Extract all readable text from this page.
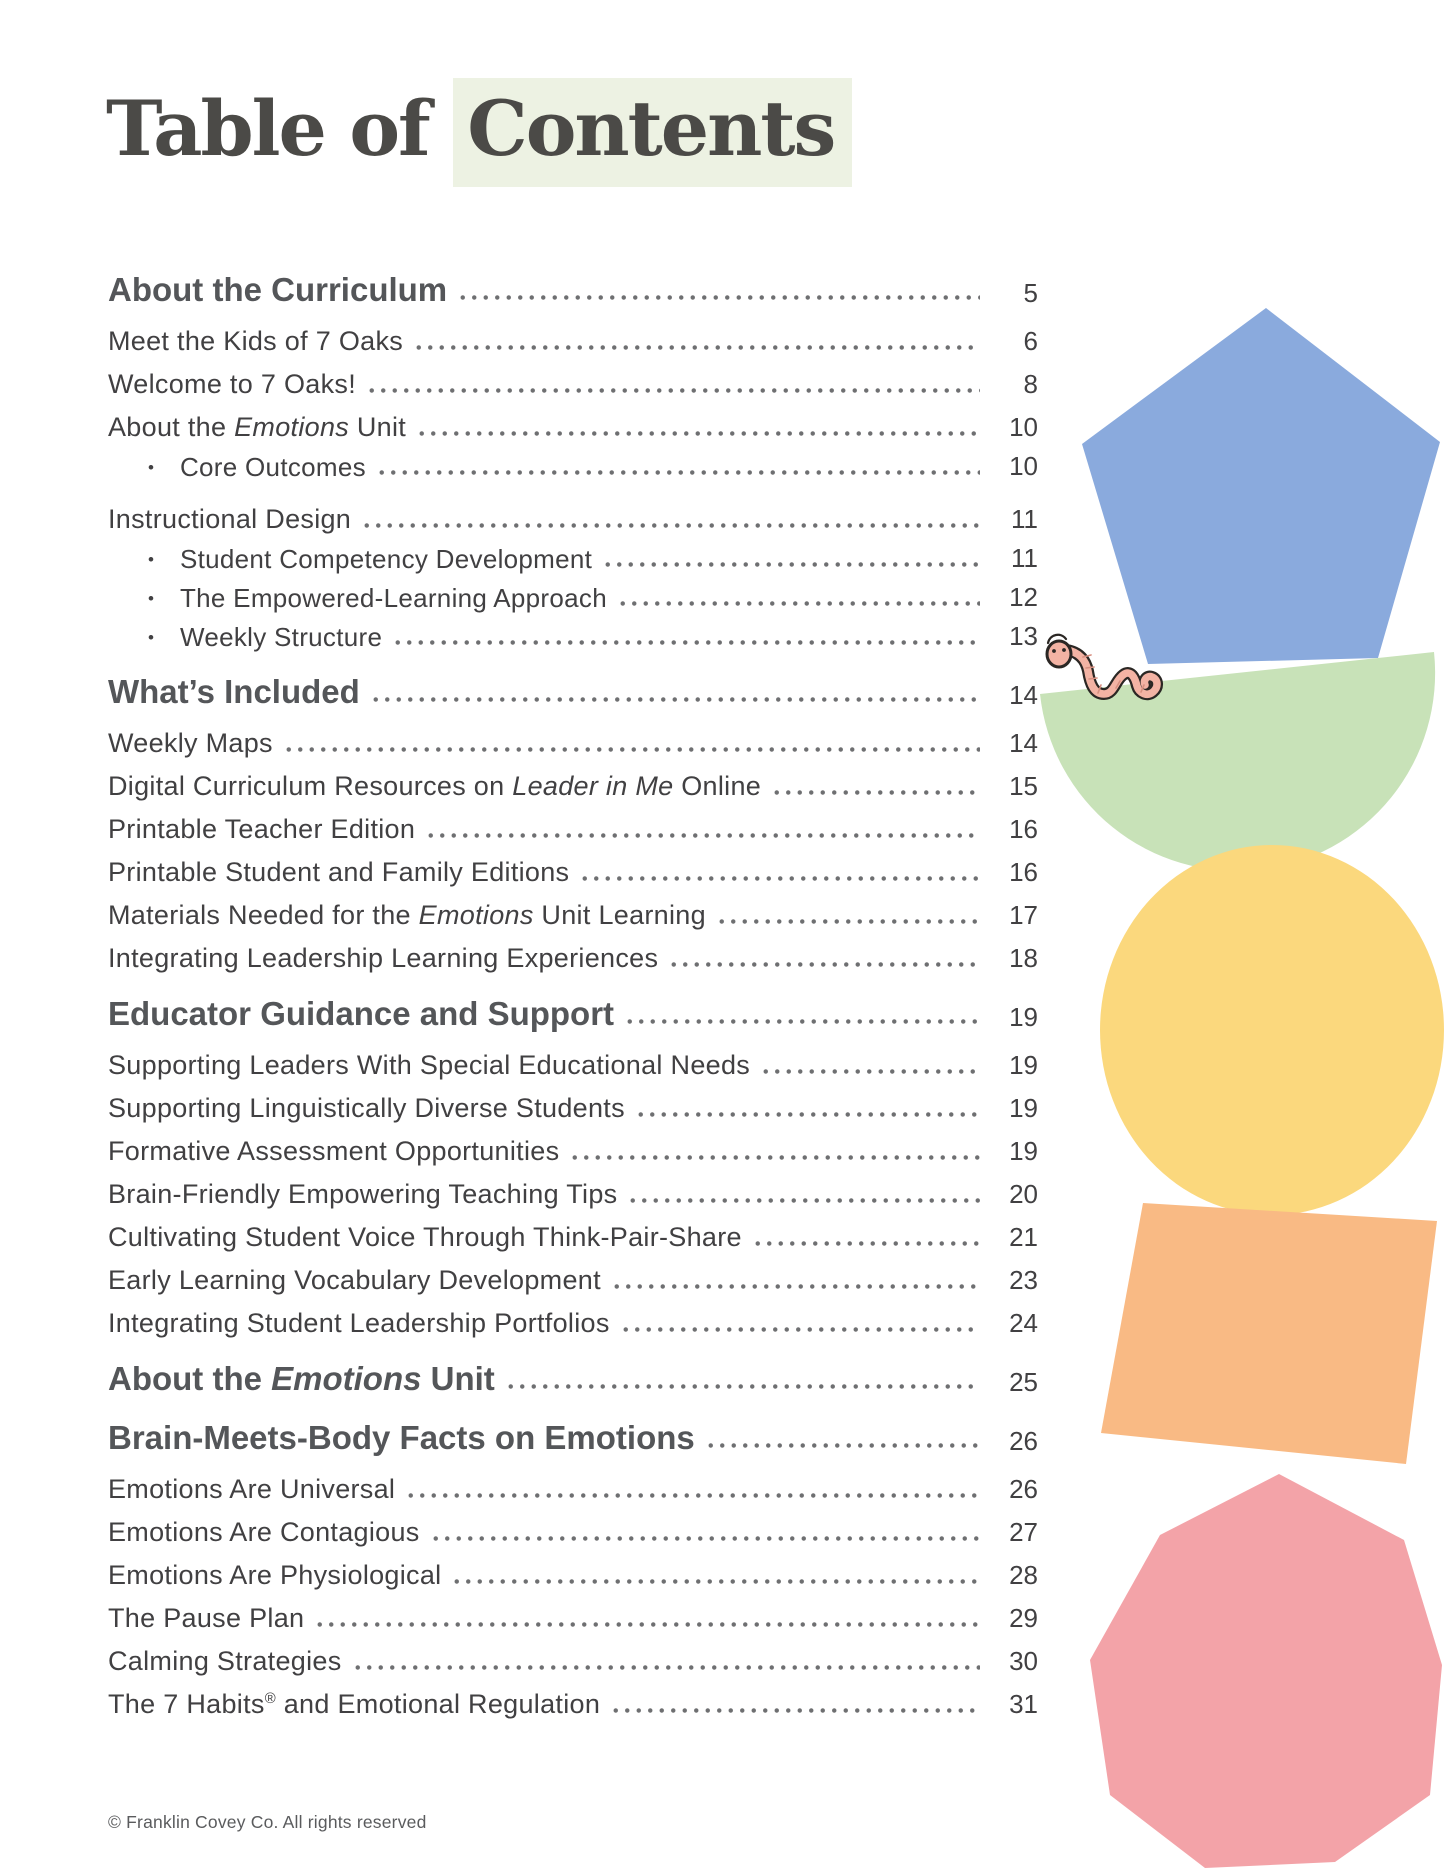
Table of Contents
About the Curriculum	5
Meet the Kids of 7 Oaks	6
Welcome to 7 Oaks!	8
About the Emotions Unit	10
• Core Outcomes	10
Instructional Design	11
• Student Competency Development	11
• The Empowered-Learning Approach	12
• Weekly Structure	13
What’s Included	14
Weekly Maps	14
Digital Curriculum Resources on Leader in Me Online	15
Printable Teacher Edition	16
Printable Student and Family Editions	16
Materials Needed for the Emotions Unit Learning	17
Integrating Leadership Learning Experiences	18
Educator Guidance and Support	19
Supporting Leaders With Special Educational Needs	19
Supporting Linguistically Diverse Students	19
Formative Assessment Opportunities	19
Brain-Friendly Empowering Teaching Tips	20
Cultivating Student Voice Through Think-Pair-Share	21
Early Learning Vocabulary Development	23
Integrating Student Leadership Portfolios	24
About the Emotions Unit	25
Brain-Meets-Body Facts on Emotions	26
Emotions Are Universal	26
Emotions Are Contagious	27
Emotions Are Physiological	28
The Pause Plan	29
Calming Strategies	30
The 7 Habits® and Emotional Regulation	31
© Franklin Covey Co. All rights reserved
